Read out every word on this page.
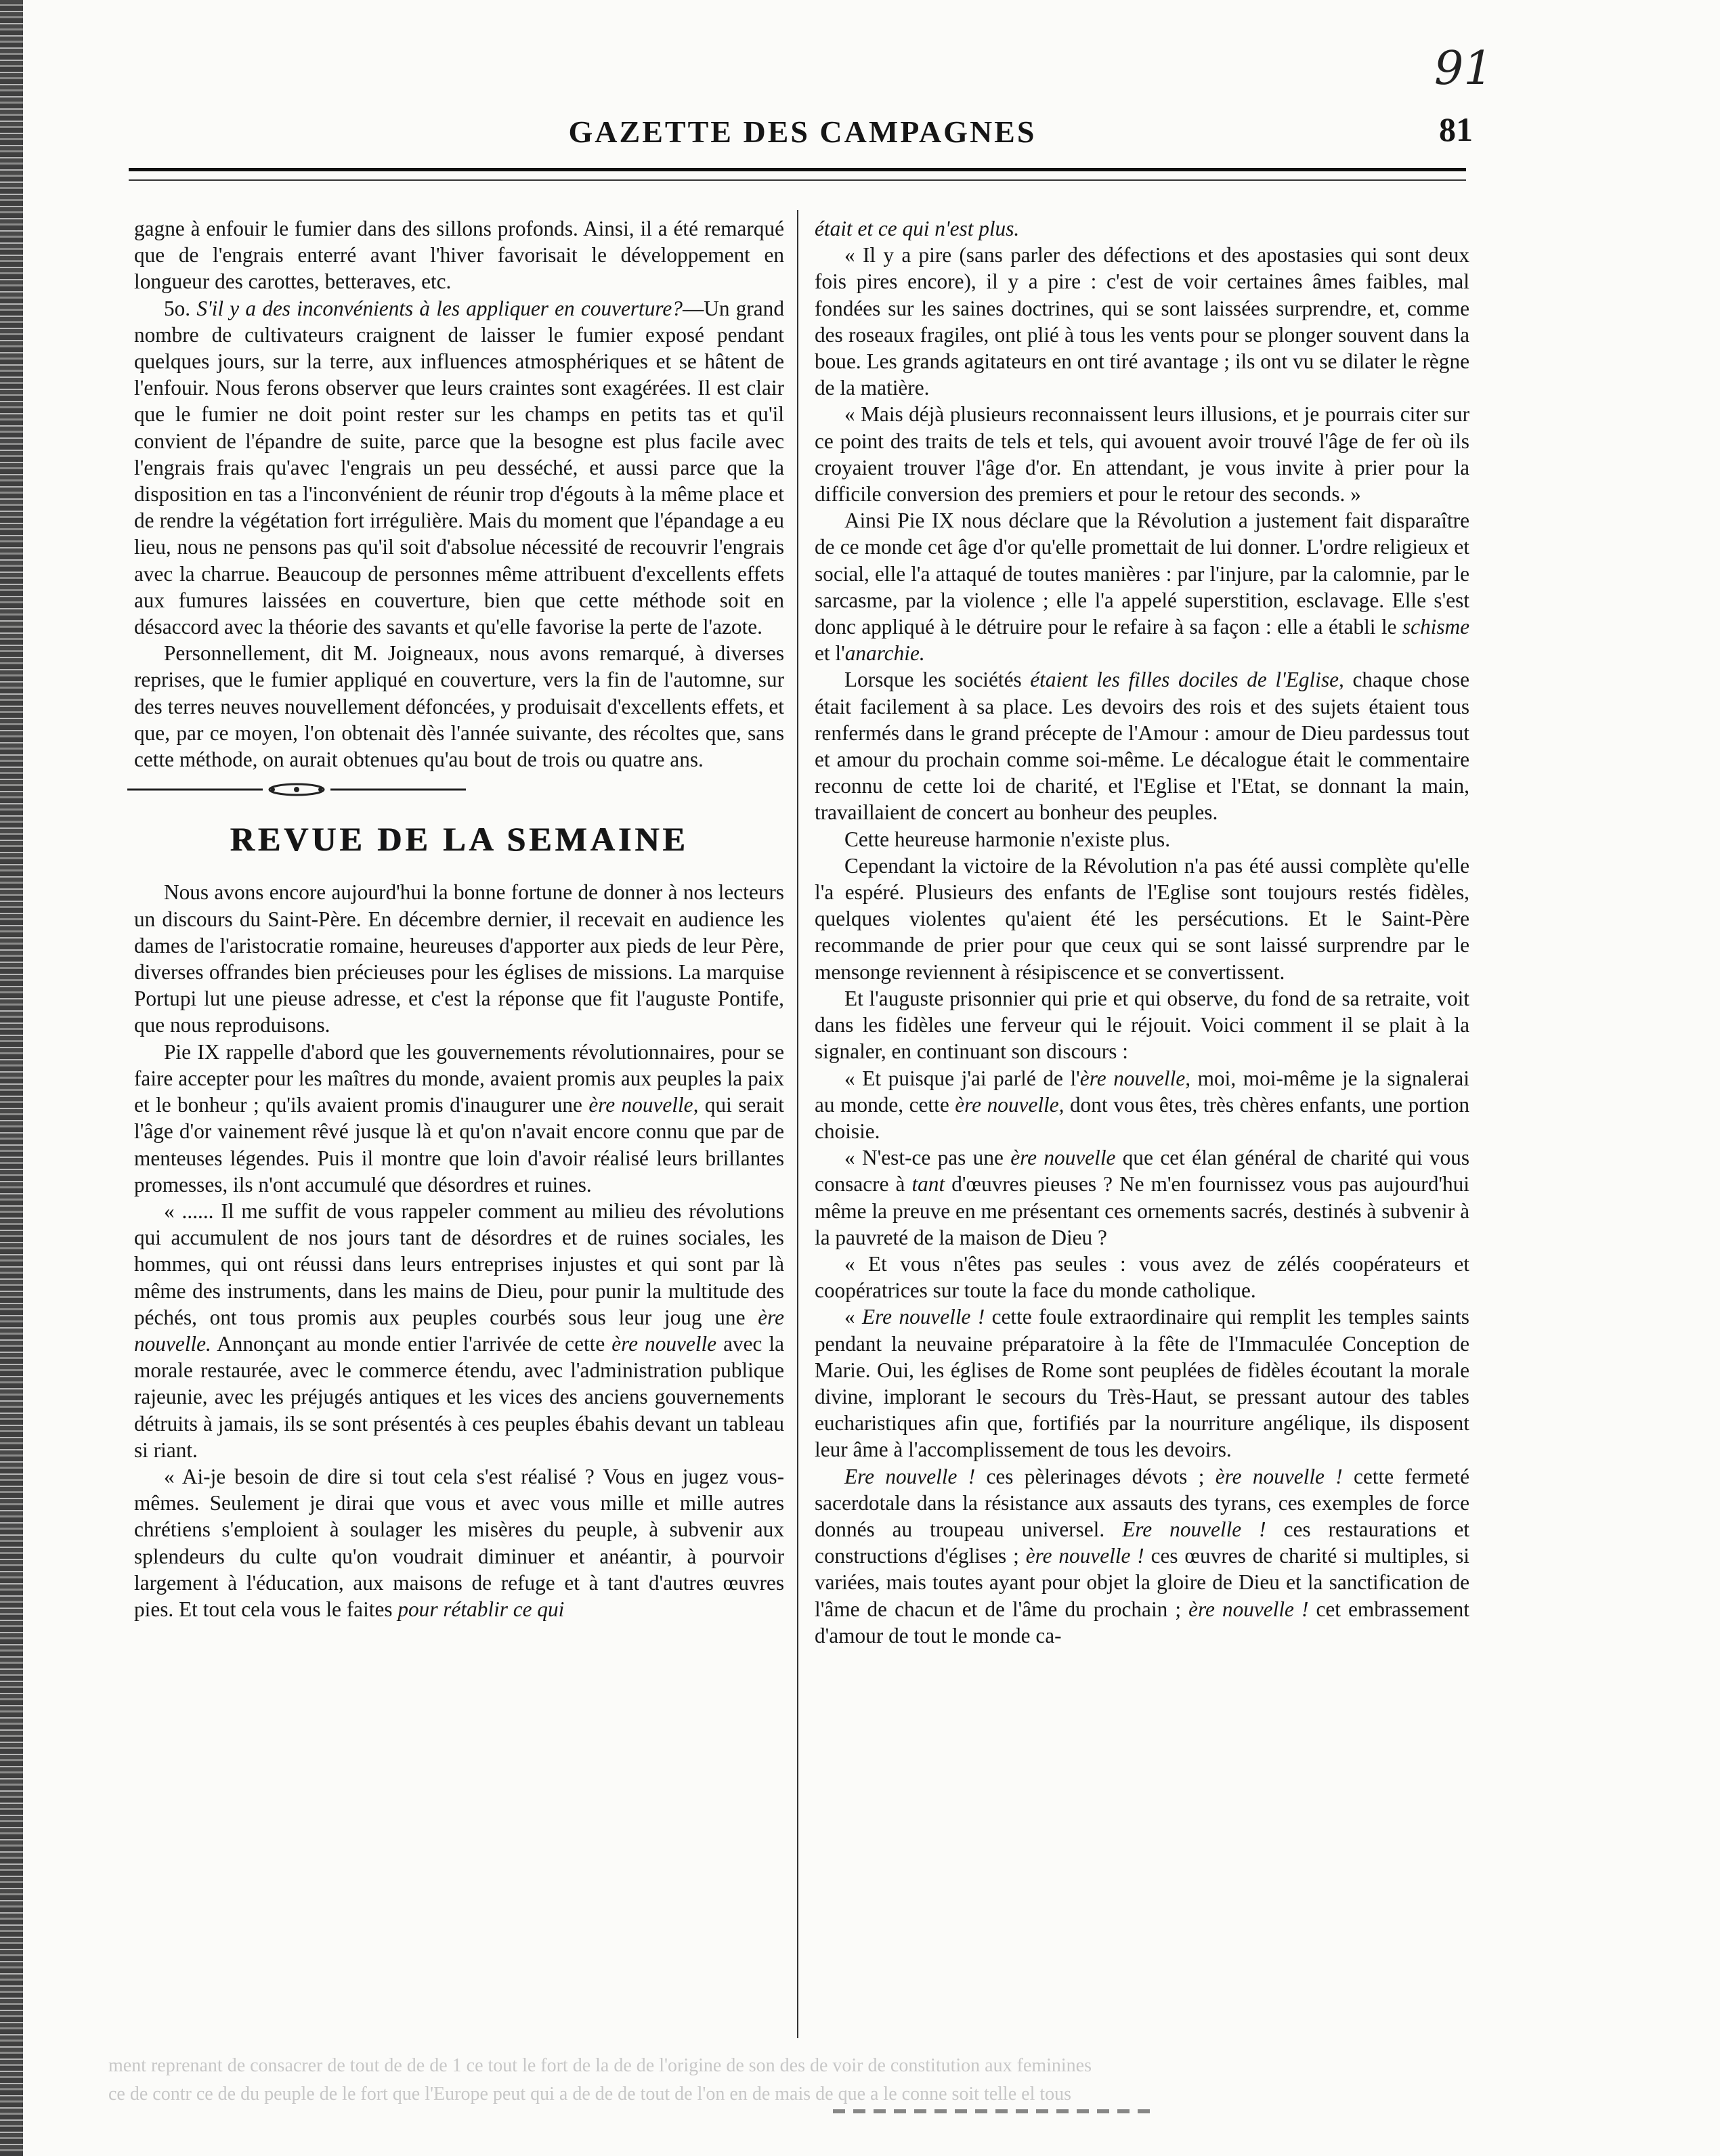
91
GAZETTE DES CAMPAGNES	81

gagne à enfouir le fumier dans des sillons profonds. Ainsi, il a été remarqué que de l'engrais enterré avant l'hiver favorisait le développement en longueur des carottes, betteraves, etc.

5o. S'il y a des inconvénients à les appliquer en couverture?—Un grand nombre de cultivateurs craignent de laisser le fumier exposé pendant quelques jours, sur la terre, aux influences atmosphériques et se hâtent de l'enfouir. Nous ferons observer que leurs craintes sont exagérées. Il est clair que le fumier ne doit point rester sur les champs en petits tas et qu'il convient de l'épandre de suite, parce que la besogne est plus facile avec l'engrais frais qu'avec l'engrais un peu desséché, et aussi parce que la disposition en tas a l'inconvénient de réunir trop d'égouts à la même place et de rendre la végétation fort irrégulière. Mais du moment que l'épandage a eu lieu, nous ne pensons pas qu'il soit d'absolue nécessité de recouvrir l'engrais avec la charrue. Beaucoup de personnes même attribuent d'excellents effets aux fumures laissées en couverture, bien que cette méthode soit en désaccord avec la théorie des savants et qu'elle favorise la perte de l'azote.

Personnellement, dit M. Joigneaux, nous avons remarqué, à diverses reprises, que le fumier appliqué en couverture, vers la fin de l'automne, sur des terres neuves nouvellement défoncées, y produisait d'excellents effets, et que, par ce moyen, l'on obtenait dès l'année suivante, des récoltes que, sans cette méthode, on aurait obtenues qu'au bout de trois ou quatre ans.

REVUE DE LA SEMAINE

Nous avons encore aujourd'hui la bonne fortune de donner à nos lecteurs un discours du Saint-Père. En décembre dernier, il recevait en audience les dames de l'aristocratie romaine, heureuses d'apporter aux pieds de leur Père, diverses offrandes bien précieuses pour les églises de missions. La marquise Portupi lut une pieuse adresse, et c'est la réponse que fit l'auguste Pontife, que nous reproduisons.

Pie IX rappelle d'abord que les gouvernements révolutionnaires, pour se faire accepter pour les maîtres du monde, avaient promis aux peuples la paix et le bonheur ; qu'ils avaient promis d'inaugurer une ère nouvelle, qui serait l'âge d'or vainement rêvé jusque là et qu'on n'avait encore connu que par de menteuses légendes. Puis il montre que loin d'avoir réalisé leurs brillantes promesses, ils n'ont accumulé que désordres et ruines.

« ...... Il me suffit de vous rappeler comment au milieu des révolutions qui accumulent de nos jours tant de désordres et de ruines sociales, les hommes, qui ont réussi dans leurs entreprises injustes et qui sont par là même des instruments, dans les mains de Dieu, pour punir la multitude des péchés, ont tous promis aux peuples courbés sous leur joug une ère nouvelle. Annonçant au monde entier l'arrivée de cette ère nouvelle avec la morale restaurée, avec le commerce étendu, avec l'administration publique rajeunie, avec les préjugés antiques et les vices des anciens gouvernements détruits à jamais, ils se sont présentés à ces peuples ébahis devant un tableau si riant.

« Ai-je besoin de dire si tout cela s'est réalisé ? Vous en jugez vous-mêmes. Seulement je dirai que vous et avec vous mille et mille autres chrétiens s'emploient à soulager les misères du peuple, à subvenir aux splendeurs du culte qu'on voudrait diminuer et anéantir, à pourvoir largement à l'éducation, aux maisons de refuge et à tant d'autres œuvres pies. Et tout cela vous le faites pour rétablir ce qui

était et ce qui n'est plus.

« Il y a pire (sans parler des défections et des apostasies qui sont deux fois pires encore), il y a pire : c'est de voir certaines âmes faibles, mal fondées sur les saines doctrines, qui se sont laissées surprendre, et, comme des roseaux fragiles, ont plié à tous les vents pour se plonger souvent dans la boue. Les grands agitateurs en ont tiré avantage ; ils ont vu se dilater le règne de la matière.

« Mais déjà plusieurs reconnaissent leurs illusions, et je pourrais citer sur ce point des traits de tels et tels, qui avouent avoir trouvé l'âge de fer où ils croyaient trouver l'âge d'or. En attendant, je vous invite à prier pour la difficile conversion des premiers et pour le retour des seconds. »

Ainsi Pie IX nous déclare que la Révolution a justement fait disparaître de ce monde cet âge d'or qu'elle promettait de lui donner. L'ordre religieux et social, elle l'a attaqué de toutes manières : par l'injure, par la calomnie, par le sarcasme, par la violence ; elle l'a appelé superstition, esclavage. Elle s'est donc appliqué à le détruire pour le refaire à sa façon : elle a établi le schisme et l'anarchie.

Lorsque les sociétés étaient les filles dociles de l'Eglise, chaque chose était facilement à sa place. Les devoirs des rois et des sujets étaient tous renfermés dans le grand précepte de l'Amour : amour de Dieu pardessus tout et amour du prochain comme soi-même. Le décalogue était le commentaire reconnu de cette loi de charité, et l'Eglise et l'Etat, se donnant la main, travaillaient de concert au bonheur des peuples.

Cette heureuse harmonie n'existe plus.

Cependant la victoire de la Révolution n'a pas été aussi complète qu'elle l'a espéré. Plusieurs des enfants de l'Eglise sont toujours restés fidèles, quelques violentes qu'aient été les persécutions. Et le Saint-Père recommande de prier pour que ceux qui se sont laissé surprendre par le mensonge reviennent à résipiscence et se convertissent.

Et l'auguste prisonnier qui prie et qui observe, du fond de sa retraite, voit dans les fidèles une ferveur qui le réjouit. Voici comment il se plait à la signaler, en continuant son discours :

« Et puisque j'ai parlé de l'ère nouvelle, moi, moi-même je la signalerai au monde, cette ère nouvelle, dont vous êtes, très chères enfants, une portion choisie.

« N'est-ce pas une ère nouvelle que cet élan général de charité qui vous consacre à tant d'œuvres pieuses ? Ne m'en fournissez vous pas aujourd'hui même la preuve en me présentant ces ornements sacrés, destinés à subvenir à la pauvreté de la maison de Dieu ?

« Et vous n'êtes pas seules : vous avez de zélés coopérateurs et coopératrices sur toute la face du monde catholique.

« Ere nouvelle ! cette foule extraordinaire qui remplit les temples saints pendant la neuvaine préparatoire à la fête de l'Immaculée Conception de Marie. Oui, les églises de Rome sont peuplées de fidèles écoutant la morale divine, implorant le secours du Très-Haut, se pressant autour des tables eucharistiques afin que, fortifiés par la nourriture angélique, ils disposent leur âme à l'accomplissement de tous les devoirs.

Ere nouvelle ! ces pèlerinages dévots ; ère nouvelle ! cette fermeté sacerdotale dans la résistance aux assauts des tyrans, ces exemples de force donnés au troupeau universel. Ere nouvelle ! ces restaurations et constructions d'églises ; ère nouvelle ! ces œuvres de charité si multiples, si variées, mais toutes ayant pour objet la gloire de Dieu et la sanctification de l'âme de chacun et de l'âme du prochain ; ère nouvelle ! cet embrassement d'amour de tout le monde ca-

ment reprenant de consacrer de tout de de de 1 ce tout le fort de la de de l'origine de son des de voir de constitution aux feminines
ce de contr ce de du peuple de le fort que l'Europe peut qui a de de de tout de l'on en de mais de que a le conne soit telle el tous
